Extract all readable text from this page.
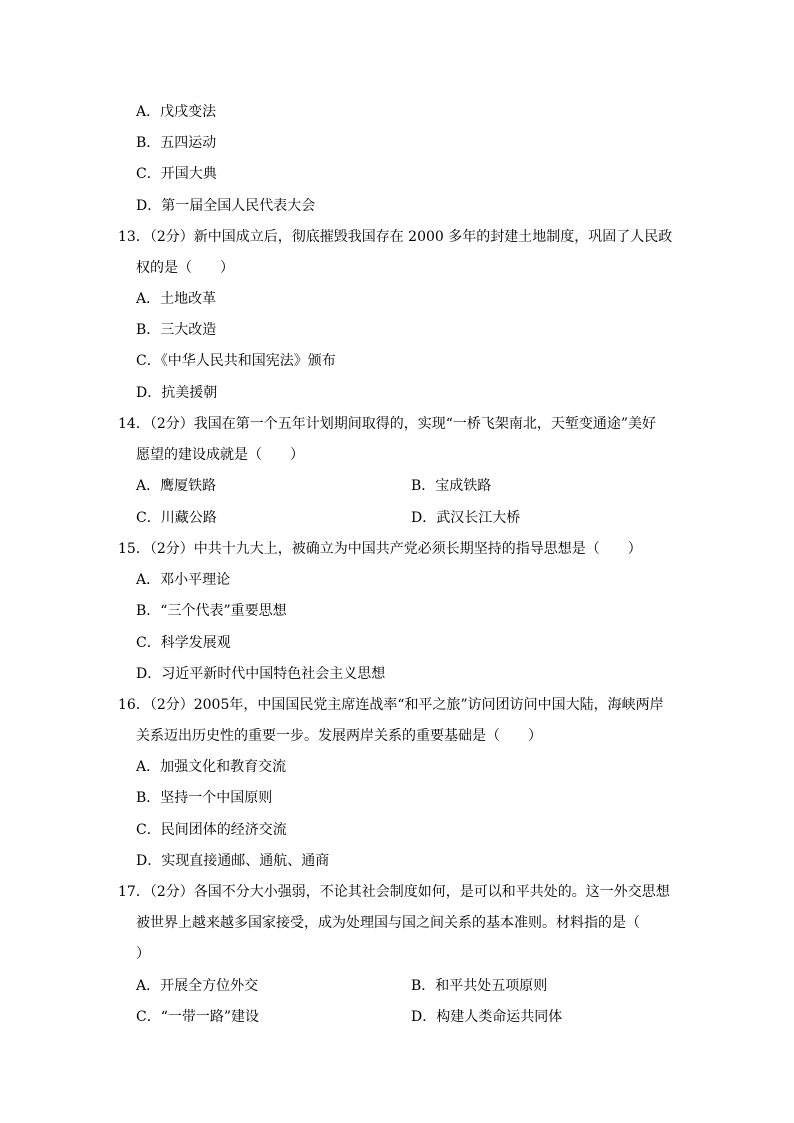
A．戊戌变法
B．五四运动
C．开国大典
D．第一届全国人民代表大会
13．（2分）新中国成立后，彻底摧毁我国存在 2000 多年的封建土地制度，巩固了人民政
权的是（　　）
A．土地改革
B．三大改造
C．《中华人民共和国宪法》颁布
D．抗美援朝
14．（2分）我国在第一个五年计划期间取得的，实现“一桥飞架南北，天堑变通途”美好
愿望的建设成就是（　　）
A．鹰厦铁路	B．宝成铁路
C．川藏公路	D．武汉长江大桥
15．（2分）中共十九大上，被确立为中国共产党必须长期坚持的指导思想是（　　）
A．邓小平理论
B．“三个代表”重要思想
C．科学发展观
D．习近平新时代中国特色社会主义思想
16．（2分）2005年，中国国民党主席连战率“和平之旅”访问团访问中国大陆，海峡两岸
关系迈出历史性的重要一步。发展两岸关系的重要基础是（　　）
A．加强文化和教育交流
B．坚持一个中国原则
C．民间团体的经济交流
D．实现直接通邮、通航、通商
17．（2分）各国不分大小强弱，不论其社会制度如何，是可以和平共处的。这一外交思想
被世界上越来越多国家接受，成为处理国与国之间关系的基本准则。材料指的是（
）
A．开展全方位外交	B．和平共处五项原则
C．“一带一路”建设	D．构建人类命运共同体
